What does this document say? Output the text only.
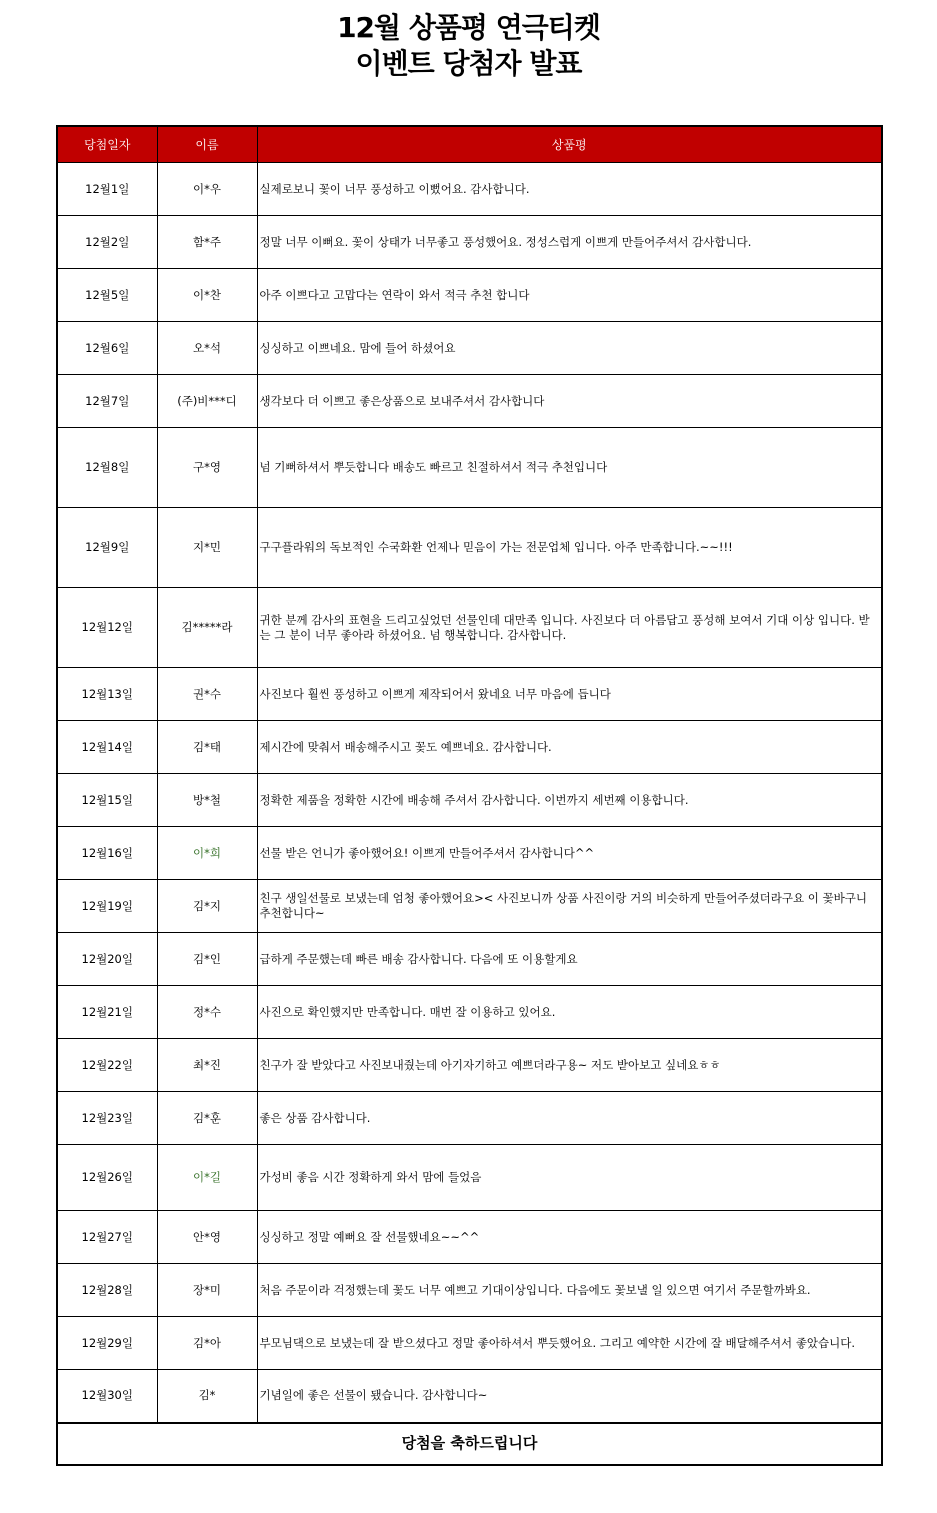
12월 상품평 연극티켓
이벤트 당첨자 발표
당첨일자	이름	상품평
12월1일	이*우	실제로보니 꽃이 너무 풍성하고 이뻤어요. 감사합니다.
12월2일	함*주	정말 너무 이뻐요. 꽃이 상태가 너무좋고 풍성했어요. 정성스럽게 이쁘게 만들어주셔서 감사합니다.
12월5일	이*찬	아주 이쁘다고 고맙다는 연락이 와서 적극 추천 합니다
12월6일	오*석	싱싱하고 이쁘네요. 맘에 들어 하셨어요
12월7일	(주)비***디	생각보다 더 이쁘고 좋은상품으로 보내주셔서 감사합니다
12월8일	구*영	넘 기뻐하셔서 뿌듯합니다 배송도 빠르고 친절하셔서 적극 추천입니다
12월9일	지*민	구구플라워의 독보적인 수국화환 언제나 믿음이 가는 전문업체 입니다. 아주 만족합니다.~~!!!
12월12일	김*****라	귀한 분께 감사의 표현을 드리고싶었던 선물인데 대만족 입니다. 사진보다 더 아름답고 풍성해 보여서 기대 이상 입니다. 받는 그 분이 너무 좋아라 하셨어요. 넘 행복합니다. 감사합니다.
12월13일	권*수	사진보다 훨씬 풍성하고 이쁘게 제작되어서 왔네요 너무 마음에 듭니다
12월14일	김*태	제시간에 맞춰서 배송해주시고 꽃도 예쁘네요. 감사합니다.
12월15일	방*철	정확한 제품을 정확한 시간에 배송해 주셔서 감사합니다. 이번까지 세번째 이용합니다.
12월16일	이*희	선물 받은 언니가 좋아했어요! 이쁘게 만들어주셔서 감사합니다^^
12월19일	김*지	친구 생일선물로 보냈는데 엄청 좋아했어요>< 사진보니까 상품 사진이랑 거의 비슷하게 만들어주셨더라구요 이 꽃바구니 추천합니다~
12월20일	김*인	급하게 주문했는데 빠른 배송 감사합니다. 다음에 또 이용할게요
12월21일	정*수	사진으로 확인했지만 만족합니다. 매번 잘 이용하고 있어요.
12월22일	최*진	친구가 잘 받았다고 사진보내줬는데 아기자기하고 예쁘더라구용~ 저도 받아보고 싶네요ㅎㅎ
12월23일	김*훈	좋은 상품 감사합니다.
12월26일	이*길	가성비 좋음 시간 정확하게 와서 맘에 들었음
12월27일	안*영	싱싱하고 정말 예뻐요 잘 선물했네요~~^^
12월28일	장*미	처음 주문이라 걱정했는데 꽃도 너무 예쁘고 기대이상입니다. 다음에도 꽃보낼 일 있으면 여기서 주문할까봐요.
12월29일	김*아	부모님댁으로 보냈는데 잘 받으셨다고 정말 좋아하셔서 뿌듯했어요. 그리고 예약한 시간에 잘 배달해주셔서 좋았습니다.
12월30일	김*	기념일에 좋은 선물이 됐습니다. 감사합니다~
당첨을 축하드립니다		
